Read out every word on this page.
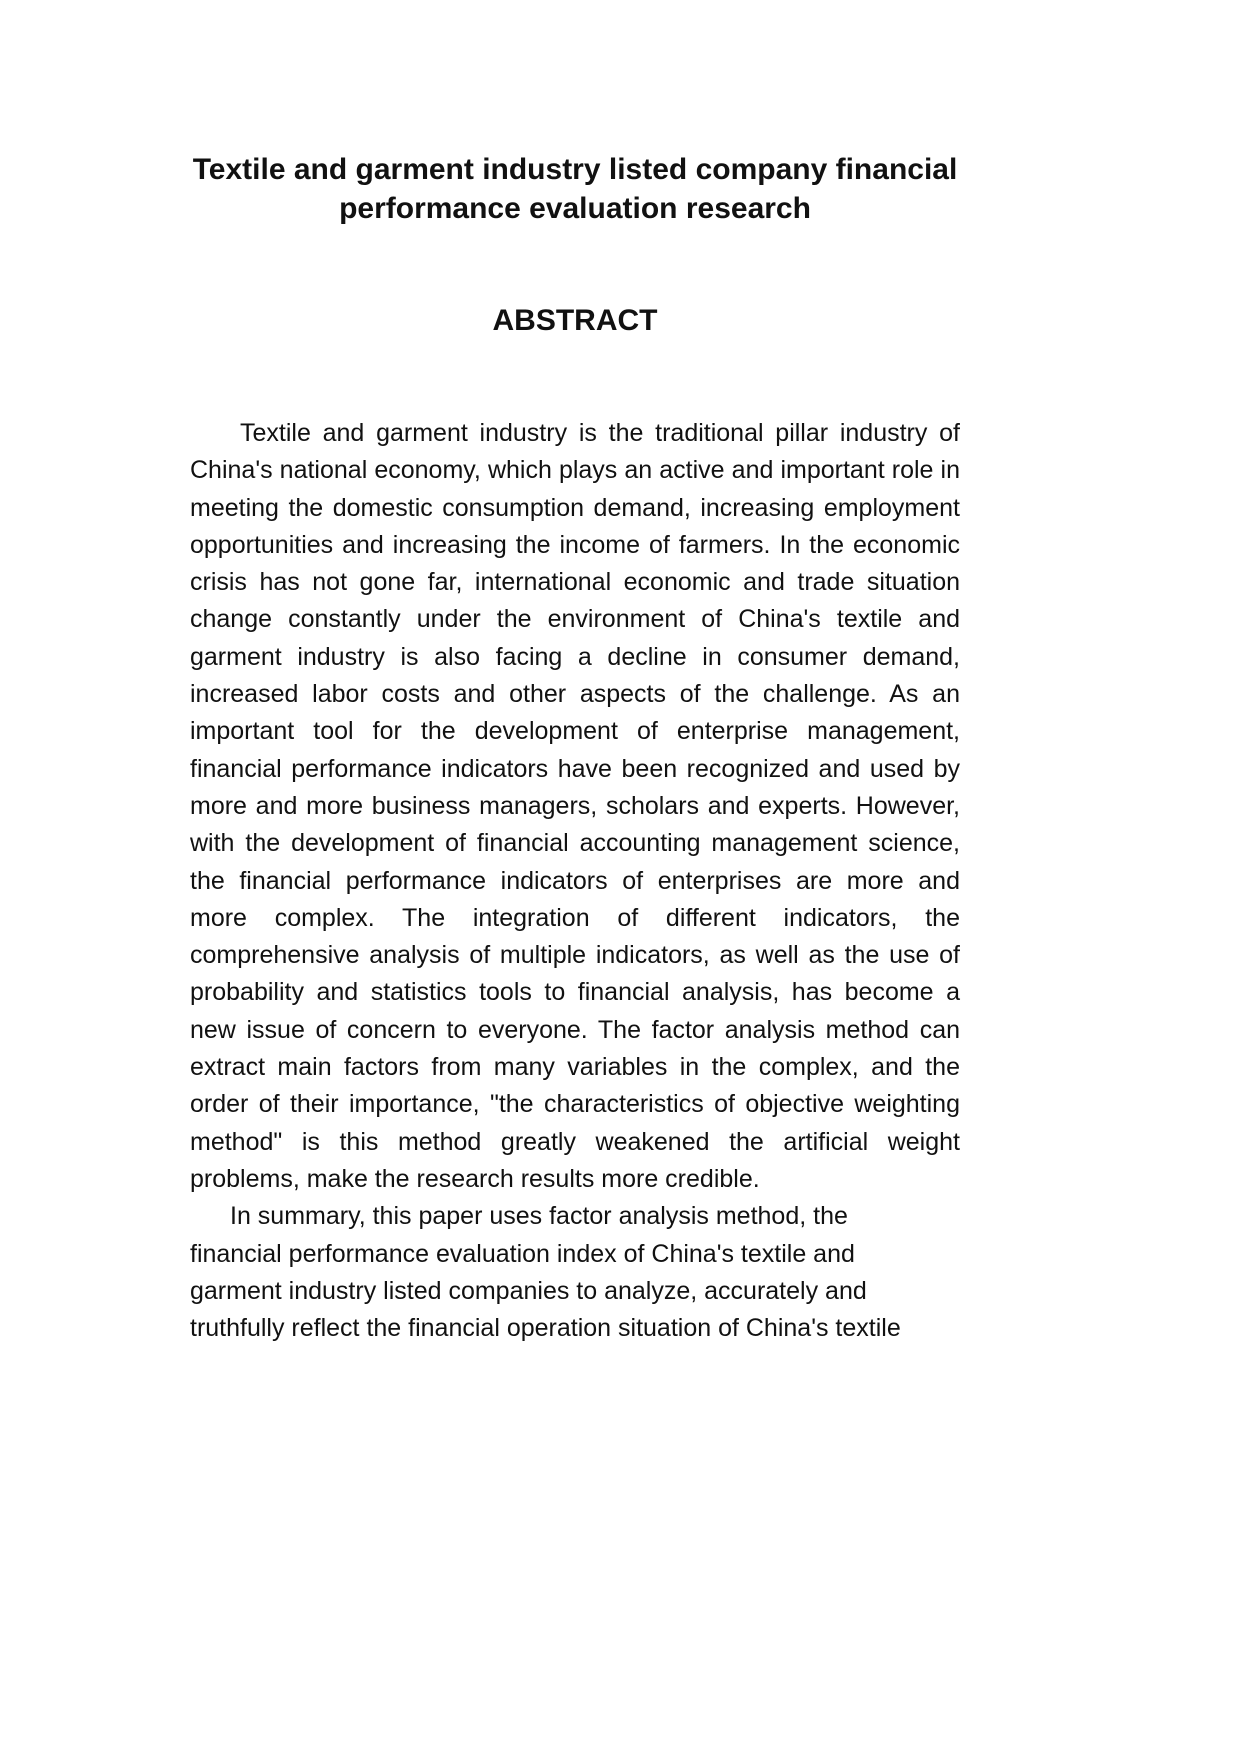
Textile and garment industry listed company financial performance evaluation research
ABSTRACT

Textile and garment industry is the traditional pillar industry of China's national economy, which plays an active and important role in meeting the domestic consumption demand, increasing employment opportunities and increasing the income of farmers. In the economic crisis has not gone far, international economic and trade situation change constantly under the environment of China's textile and garment industry is also facing a decline in consumer demand, increased labor costs and other aspects of the challenge. As an important tool for the development of enterprise management, financial performance indicators have been recognized and used by more and more business managers, scholars and experts. However, with the development of financial accounting management science, the financial performance indicators of enterprises are more and more complex. The integration of different indicators, the comprehensive analysis of multiple indicators, as well as the use of probability and statistics tools to financial analysis, has become a new issue of concern to everyone. The factor analysis method can extract main factors from many variables in the complex, and the order of their importance, "the characteristics of objective weighting method" is this method greatly weakened the artificial weight problems, make the research results more credible.

In summary, this paper uses factor analysis method, the financial performance evaluation index of China's textile and garment industry listed companies to analyze, accurately and truthfully reflect the financial operation situation of China's textile
